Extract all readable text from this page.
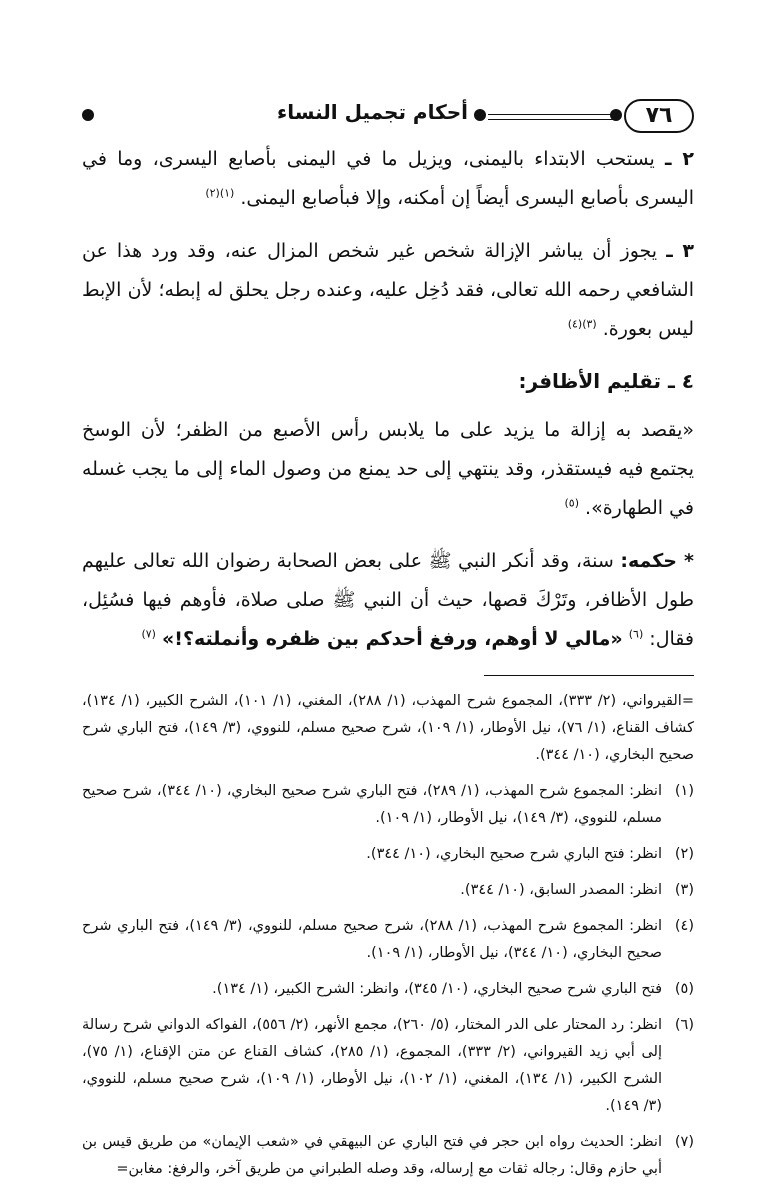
٧٦
أحكام تجميل النساء

٢ ـ يستحب الابتداء باليمنى، ويزيل ما في اليمنى بأصابع اليسرى، وما في اليسرى بأصابع اليسرى أيضاً إن أمكنه، وإلا فبأصابع اليمنى. $^{(١)(٢)}$

٣ ـ يجوز أن يباشر الإزالة شخص غير شخص المزال عنه، وقد ورد هذا عن الشافعي رحمه الله تعالى، فقد دُخِل عليه، وعنده رجل يحلق له إبطه؛ لأن الإبط ليس بعورة. $^{(٣)(٤)}$

٤ ـ تقليم الأظافر:

«يقصد به إزالة ما يزيد على ما يلابس رأس الأصبع من الظفر؛ لأن الوسخ يجتمع فيه فيستقذر، وقد ينتهي إلى حد يمنع من وصول الماء إلى ما يجب غسله في الطهارة». $^{(٥)}$

* حكمه: سنة، وقد أنكر النبي ﷺ على بعض الصحابة رضوان الله تعالى عليهم طول الأظافر، وتَرْكَ قصها، حيث أن النبي ﷺ صلى صلاة، فأوهم فيها فسُئِل، فقال: $^{(٦)}$ «مالي لا أوهم، ورفغ أحدكم بين ظفره وأنملته؟!» $^{(٧)}$

=القيرواني، (٢/ ٣٣٣)، المجموع شرح المهذب، (١/ ٢٨٨)، المغني، (١/ ١٠١)، الشرح الكبير، (١/ ١٣٤)، كشاف القناع، (١/ ٧٦)، نيل الأوطار، (١/ ١٠٩)، شرح صحيح مسلم، للنووي، (٣/ ١٤٩)، فتح الباري شرح صحيح البخاري، (١٠/ ٣٤٤).

(١)
انظر: المجموع شرح المهذب، (١/ ٢٨٩)، فتح الباري شرح صحيح البخاري، (١٠/ ٣٤٤)، شرح صحيح مسلم، للنووي، (٣/ ١٤٩)، نيل الأوطار، (١/ ١٠٩).

(٢)
انظر: فتح الباري شرح صحيح البخاري، (١٠/ ٣٤٤).

(٣)
انظر: المصدر السابق، (١٠/ ٣٤٤).

(٤)
انظر: المجموع شرح المهذب، (١/ ٢٨٨)، شرح صحيح مسلم، للنووي، (٣/ ١٤٩)، فتح الباري شرح صحيح البخاري، (١٠/ ٣٤٤)، نيل الأوطار، (١/ ١٠٩).

(٥)
فتح الباري شرح صحيح البخاري، (١٠/ ٣٤٥)، وانظر: الشرح الكبير، (١/ ١٣٤).

(٦)
انظر: رد المحتار على الدر المختار، (٥/ ٢٦٠)، مجمع الأنهر، (٢/ ٥٥٦)، الفواكه الدواني شرح رسالة إلى أبي زيد القيرواني، (٢/ ٣٣٣)، المجموع، (١/ ٢٨٥)، كشاف القناع عن متن الإقناع، (١/ ٧٥)، الشرح الكبير، (١/ ١٣٤)، المغني، (١/ ١٠٢)، نيل الأوطار، (١/ ١٠٩)، شرح صحيح مسلم، للنووي، (٣/ ١٤٩).

(٧)
انظر: الحديث رواه ابن حجر في فتح الباري عن البيهقي في «شعب الإيمان» من طريق قيس بن أبي حازم وقال: رجاله ثقات مع إرساله، وقد وصله الطبراني من طريق آخر، والرفغ: مغابن=
